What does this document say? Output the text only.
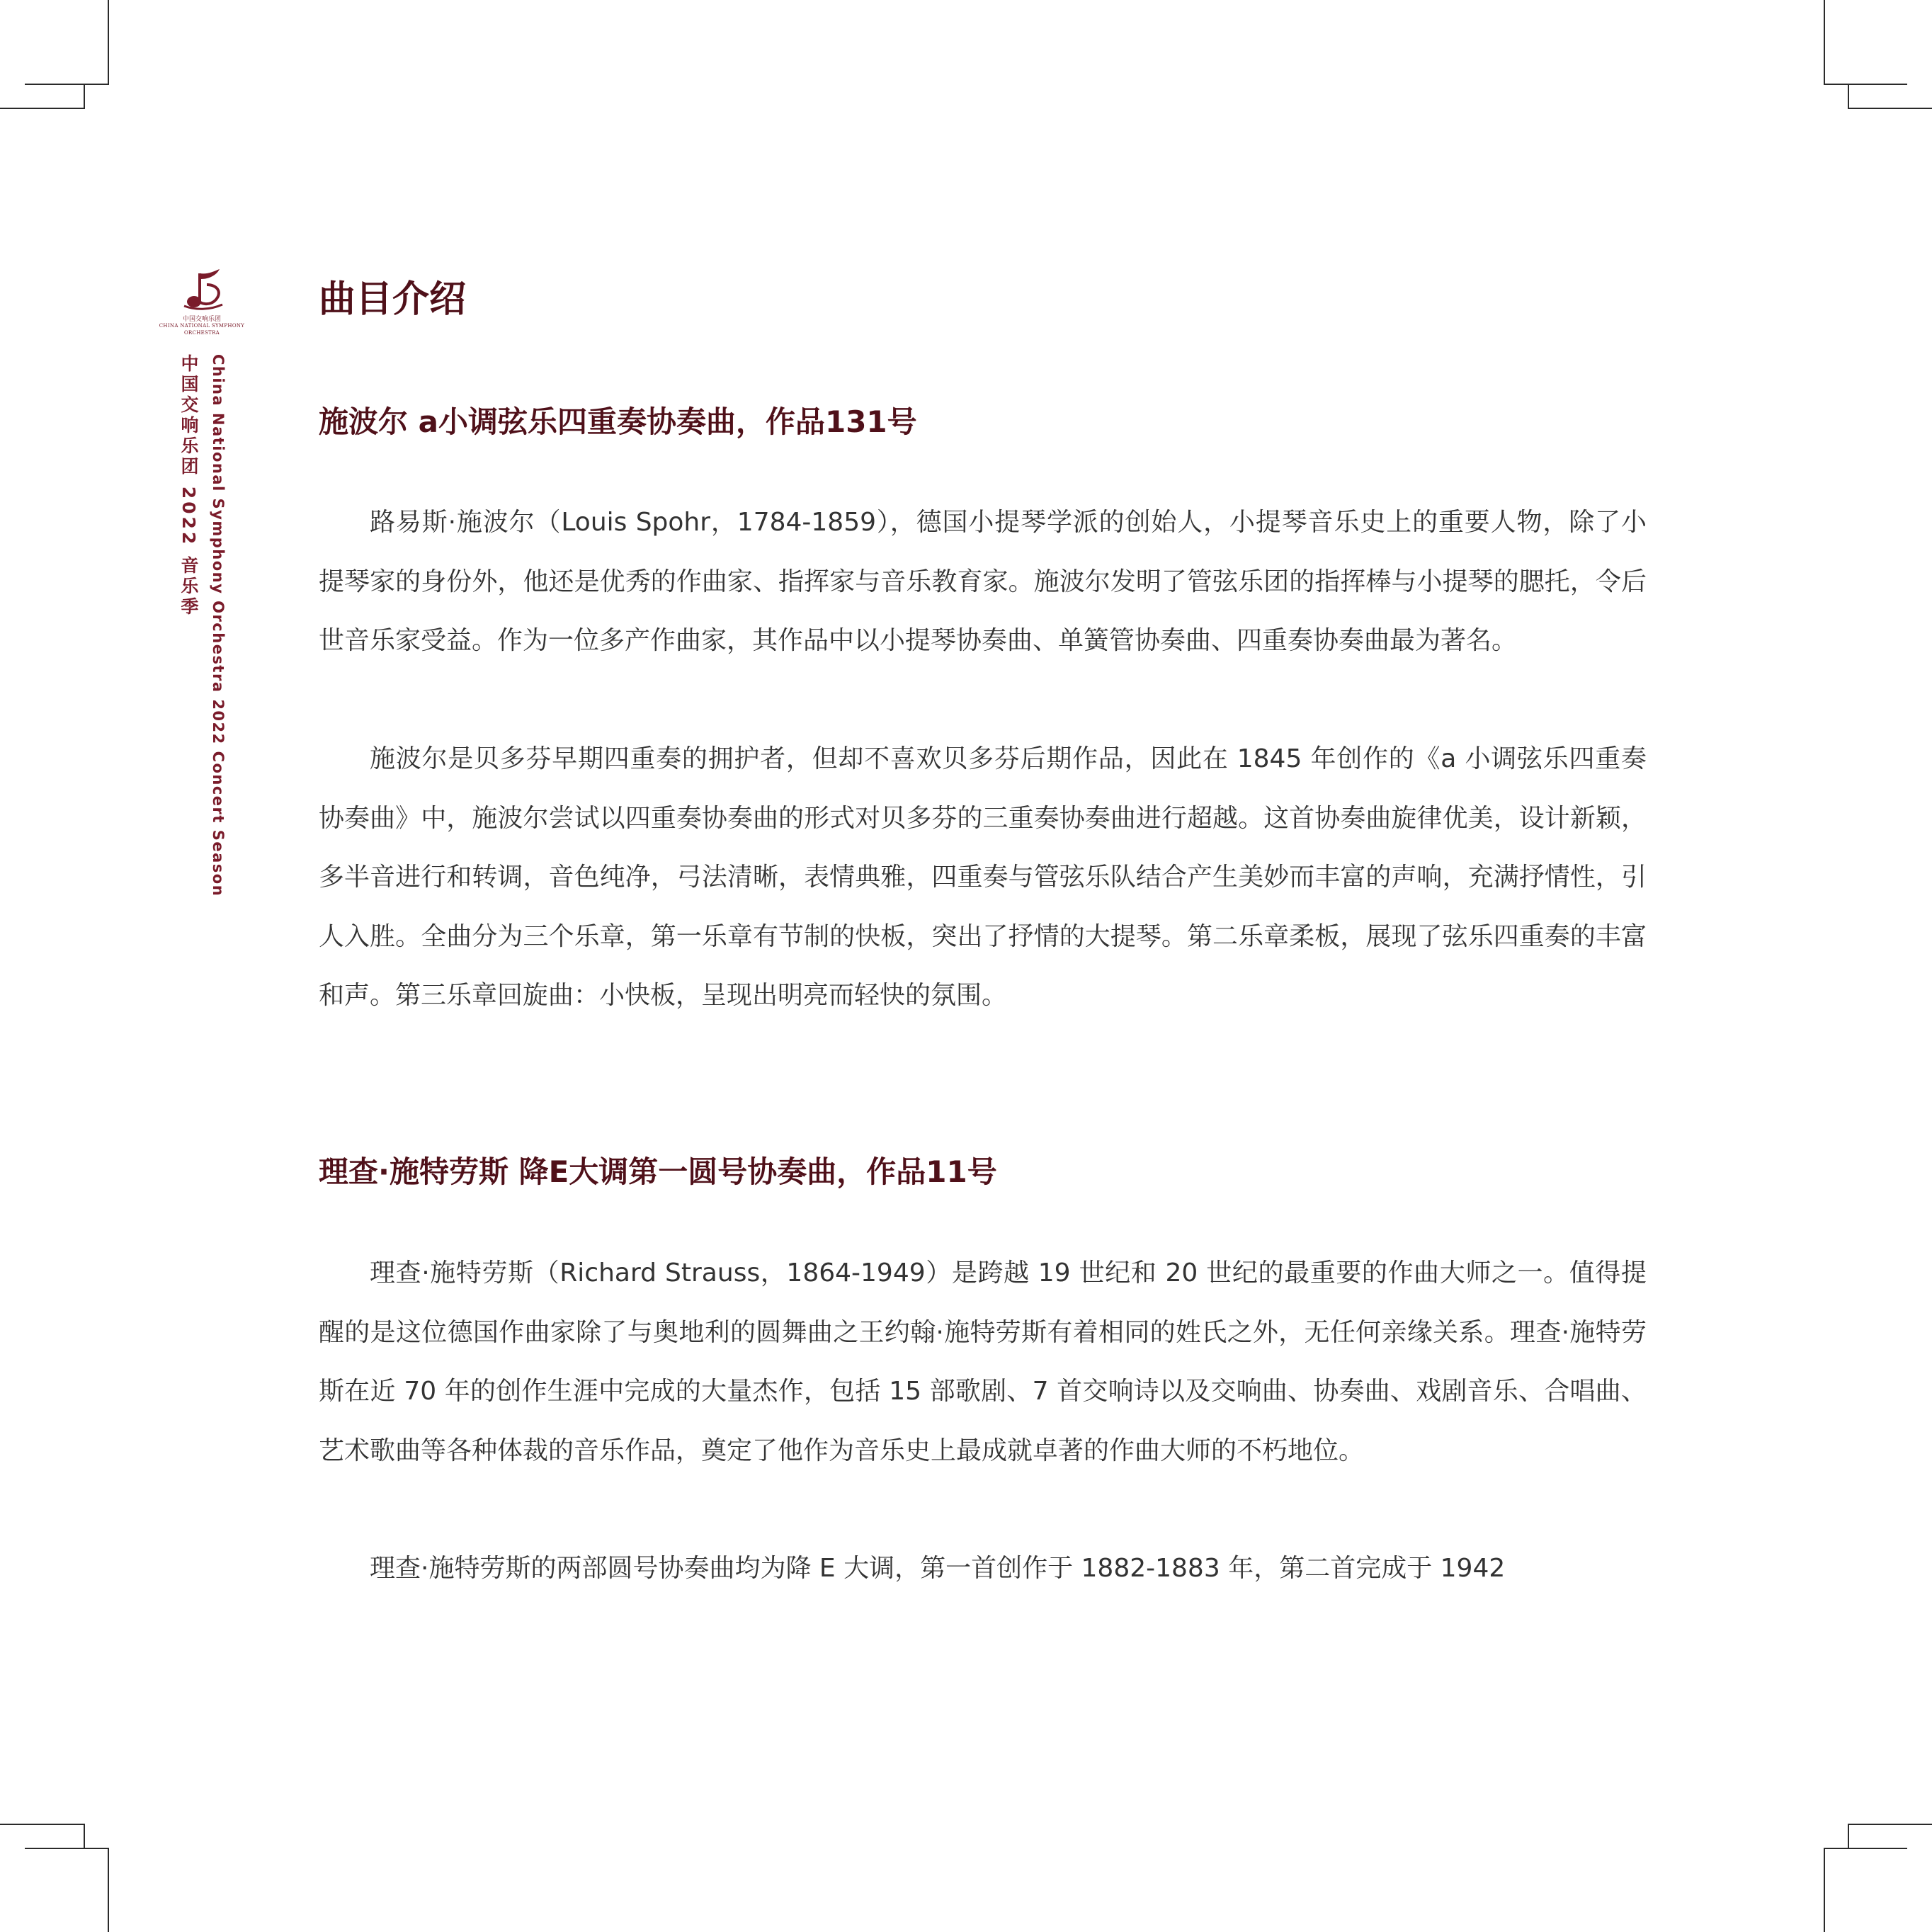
中国交响乐团
CHINA NATIONAL SYMPHONY
ORCHESTRA
中国交响乐团 2022 音乐季 China National Symphony Orchestra 2022 Concert Season
曲目介绍
施波尔 a小调弦乐四重奏协奏曲，作品131号

路易斯·施波尔（Louis Spohr，1784-1859），德国小提琴学派的创始人，小提琴音乐史上的重要人物，除了小提琴家的身份外，他还是优秀的作曲家、指挥家与音乐教育家。施波尔发明了管弦乐团的指挥棒与小提琴的腮托，令后世音乐家受益。作为一位多产作曲家，其作品中以小提琴协奏曲、单簧管协奏曲、四重奏协奏曲最为著名。

施波尔是贝多芬早期四重奏的拥护者，但却不喜欢贝多芬后期作品，因此在 1845 年创作的《a 小调弦乐四重奏协奏曲》中，施波尔尝试以四重奏协奏曲的形式对贝多芬的三重奏协奏曲进行超越。这首协奏曲旋律优美，设计新颖，多半音进行和转调，音色纯净，弓法清晰，表情典雅，四重奏与管弦乐队结合产生美妙而丰富的声响，充满抒情性，引人入胜。全曲分为三个乐章，第一乐章有节制的快板，突出了抒情的大提琴。第二乐章柔板，展现了弦乐四重奏的丰富和声。第三乐章回旋曲：小快板，呈现出明亮而轻快的氛围。

理查·施特劳斯 降E大调第一圆号协奏曲，作品11号

理查·施特劳斯（Richard Strauss，1864-1949）是跨越 19 世纪和 20 世纪的最重要的作曲大师之一。值得提醒的是这位德国作曲家除了与奥地利的圆舞曲之王约翰·施特劳斯有着相同的姓氏之外，无任何亲缘关系。理查·施特劳斯在近 70 年的创作生涯中完成的大量杰作，包括 15 部歌剧、7 首交响诗以及交响曲、协奏曲、戏剧音乐、合唱曲、艺术歌曲等各种体裁的音乐作品，奠定了他作为音乐史上最成就卓著的作曲大师的不朽地位。

理查·施特劳斯的两部圆号协奏曲均为降 E 大调，第一首创作于 1882-1883 年，第二首完成于 1942
